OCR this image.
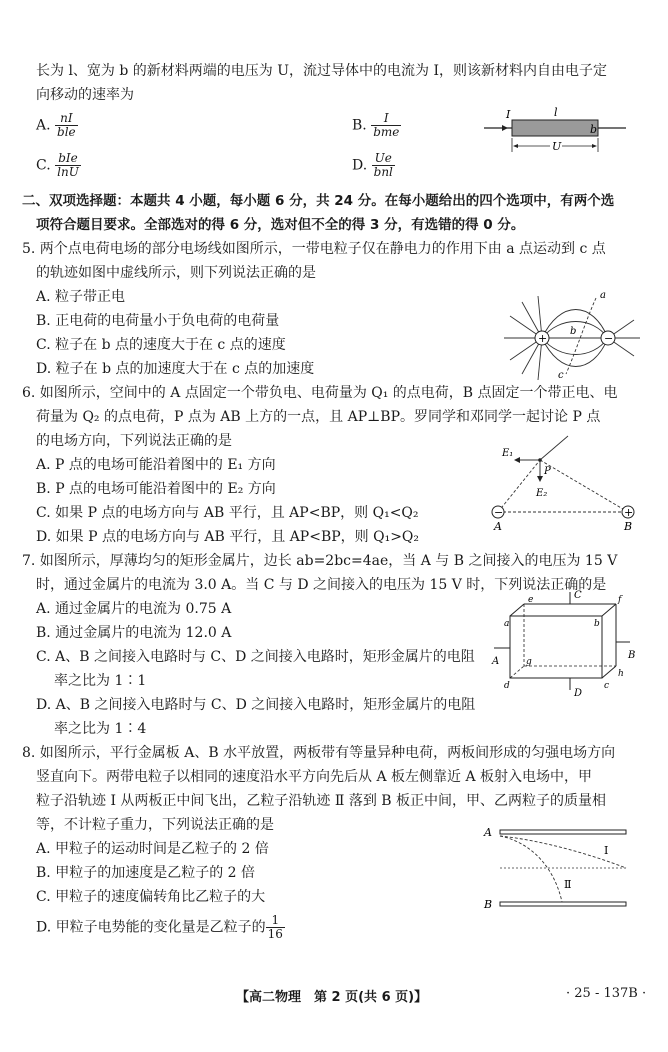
长为 l、宽为 b 的新材料两端的电压为 U，流过导体中的电流为 I，则该新材料内自由电子定
向移动的速率为
A. $\frac{nI}{\text{blе}}$	B. $\frac{I}{\text{bme}}$
C. $\frac{\text{bIe}}{\ln U}$	D. $\frac{Ue}{\text{bnl}}$
I	l
b
U
二、双项选择题：本题共 4 小题，每小题 6 分，共 24 分。在每小题给出的四个选项中，有两个选
项符合题目要求。全部选对的得 6 分，选对但不全的得 3 分，有选错的得 0 分。
5. 两个点电荷电场的部分电场线如图所示，一带电粒子仅在静电力的作用下由 a 点运动到 c 点
的轨迹如图中虚线所示，则下列说法正确的是
A. 粒子带正电
B. 正电荷的电荷量小于负电荷的电荷量
C. 粒子在 b 点的速度大于在 c 点的速度
D. 粒子在 b 点的加速度大于在 c 点的加速度
+	−
a
b
c
6. 如图所示，空间中的 A 点固定一个带负电、电荷量为 Q₁ 的点电荷，B 点固定一个带正电、电
荷量为 Q₂ 的点电荷，P 点为 AB 上方的一点，且 AP⊥BP。罗同学和邓同学一起讨论 P 点
的电场方向，下列说法正确的是
A. P 点的电场可能沿着图中的 E₁ 方向
B. P 点的电场可能沿着图中的 E₂ 方向
C. 如果 P 点的电场方向与 AB 平行，且 AP<BP，则 Q₁<Q₂
D. 如果 P 点的电场方向与 AB 平行，且 AP<BP，则 Q₁>Q₂
E₁
E₂
P
−	+
A	B
7. 如图所示，厚薄均匀的矩形金属片，边长 ab=2bc=4ae，当 A 与 B 之间接入的电压为 15 V
时，通过金属片的电流为 3.0 A。当 C 与 D 之间接入的电压为 15 V 时，下列说法正确的是
A. 通过金属片的电流为 0.75 A
B. 通过金属片的电流为 12.0 A
C. A、B 之间接入电路时与 C、D 之间接入电路时，矩形金属片的电阻
率之比为 1∶1
D. A、B 之间接入电路时与 C、D 之间接入电路时，矩形金属片的电阻
率之比为 1∶4
C
D
A
B
a	b
c
d
e	f
g
h
8. 如图所示，平行金属板 A、B 水平放置，两板带有等量异种电荷，两板间形成的匀强电场方向
竖直向下。两带电粒子以相同的速度沿水平方向先后从 A 板左侧靠近 A 板射入电场中，甲
粒子沿轨迹 Ⅰ 从两板正中间飞出，乙粒子沿轨迹 Ⅱ 落到 B 板正中间，甲、乙两粒子的质量相
等，不计粒子重力，下列说法正确的是
A. 甲粒子的运动时间是乙粒子的 2 倍
B. 甲粒子的加速度是乙粒子的 2 倍
C. 甲粒子的速度偏转角比乙粒子的大
D. 甲粒子电势能的变化量是乙粒子的 $\frac{1}{16}$
A
B
Ⅰ
Ⅱ
【高二物理　第 2 页(共 6 页)】	· 25 - 137B ·
